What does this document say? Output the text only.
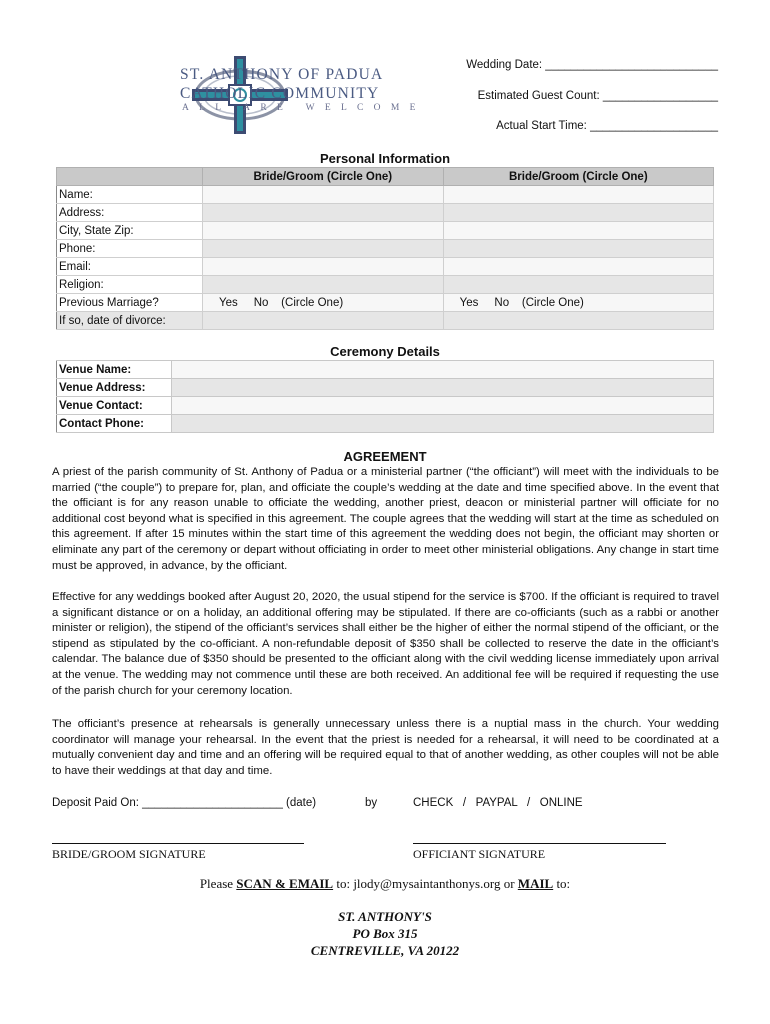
ST. ANTHONY OF PADUA
CATHOLIC COMMUNITY
ALL ARE WELCOME
Wedding Date: ___________________________
Estimated Guest Count: __________________
Actual Start Time: ____________________
Personal Information
	Bride/Groom (Circle One)	Bride/Groom (Circle One)
Name:		
Address:		
City, State Zip:		
Phone:		
Email:		
Religion:		
Previous Marriage?	Yes     No    (Circle One)	Yes     No    (Circle One)
If so, date of divorce:		
Ceremony Details
Venue Name:	
Venue Address:	
Venue Contact:	
Contact Phone:	
AGREEMENT
A priest of the parish community of St. Anthony of Padua or a ministerial partner (“the officiant”) will meet with the individuals to be married (“the couple”) to prepare for, plan, and officiate the couple’s wedding at the date and time specified above. In the event that the officiant is for any reason unable to officiate the wedding, another priest, deacon or ministerial partner will officiate for no additional cost beyond what is specified in this agreement. The couple agrees that the wedding will start at the time as scheduled on this agreement. If after 15 minutes within the start time of this agreement the wedding does not begin, the officiant may shorten or eliminate any part of the ceremony or depart without officiating in order to meet other ministerial obligations. Any change in start time must be approved, in advance, by the officiant.
Effective for any weddings booked after August 20, 2020, the usual stipend for the service is $700. If the officiant is required to travel a significant distance or on a holiday, an additional offering may be stipulated. If there are co-officiants (such as a rabbi or another minister or religion), the stipend of the officiant’s services shall either be the higher of either the normal stipend of the officiant, or the stipend as stipulated by the co-officiant. A non-refundable deposit of $350 shall be collected to reserve the date in the officiant’s calendar. The balance due of $350 should be presented to the officiant along with the civil wedding license immediately upon arrival at the venue. The wedding may not commence until these are both received. An additional fee will be required if requesting the use of the parish church for your ceremony location.
The officiant’s presence at rehearsals is generally unnecessary unless there is a nuptial mass in the church. Your wedding coordinator will manage your rehearsal. In the event that the priest is needed for a rehearsal, it will need to be coordinated at a mutually convenient day and time and an offering will be required equal to that of another wedding, as other couples will not be able to have their weddings at that day and time.
Deposit Paid On: ______________________ (date)	by	CHECK   /   PAYPAL   /   ONLINE
BRIDE/GROOM SIGNATURE	OFFICIANT SIGNATURE
Please SCAN & EMAIL to: jlody@mysaintanthonys.org or MAIL to:
ST. ANTHONY'S
PO Box 315
CENTREVILLE, VA 20122
